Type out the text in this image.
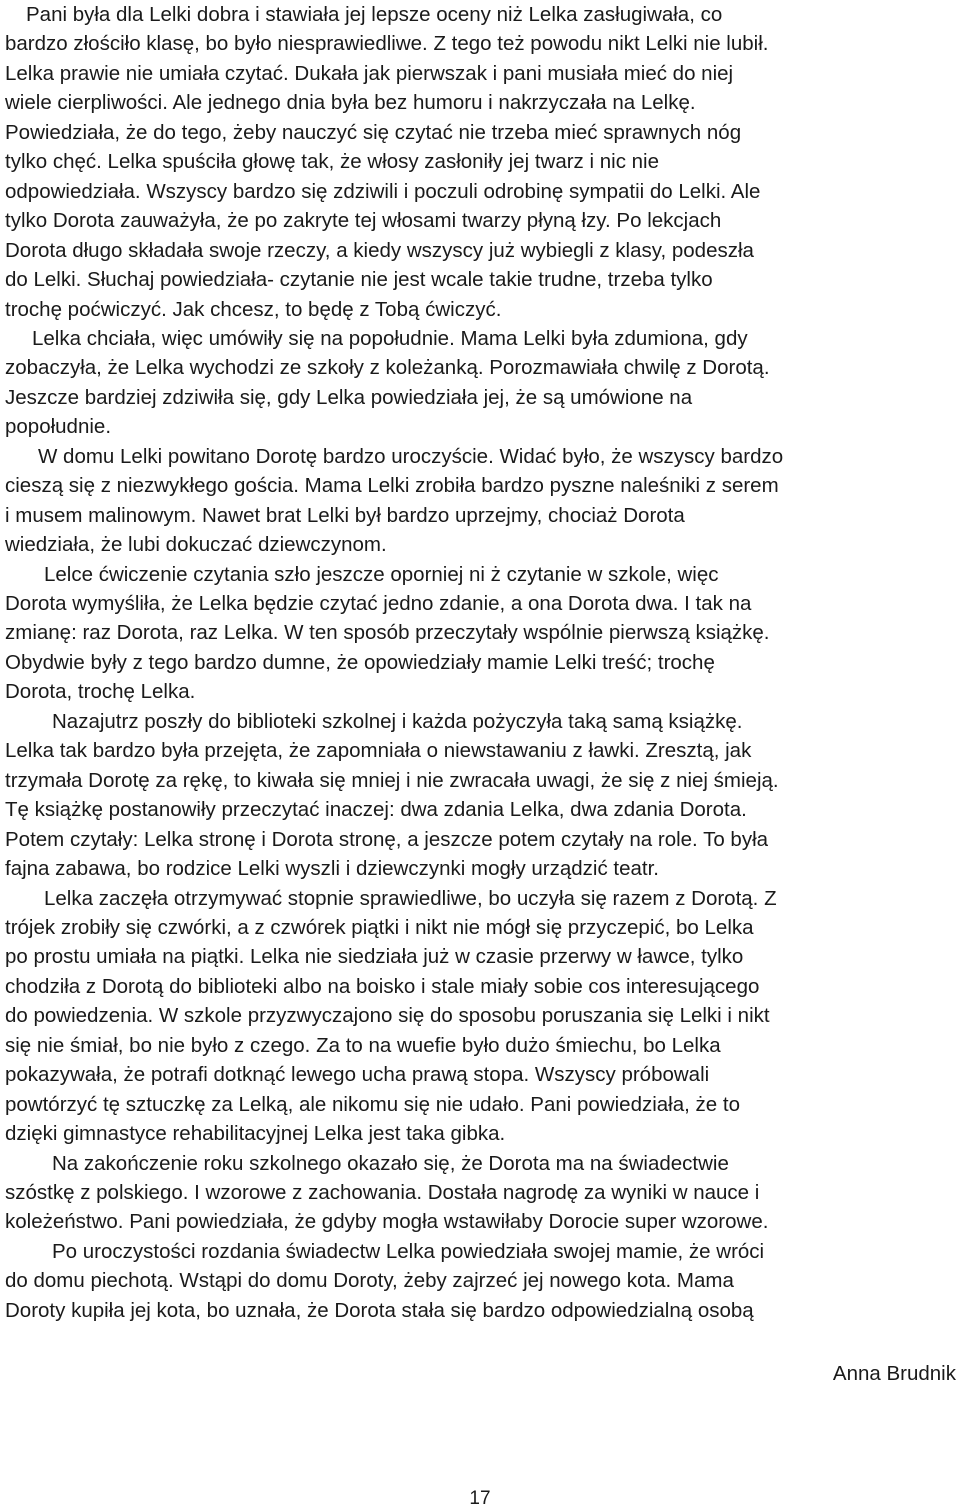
Pani była dla Lelki dobra i stawiała jej lepsze oceny niż Lelka zasługiwała, co
bardzo złościło klasę, bo było niesprawiedliwe. Z tego też powodu nikt Lelki nie lubił.
Lelka prawie nie umiała czytać. Dukała jak pierwszak i pani musiała mieć do niej
wiele cierpliwości. Ale jednego dnia była bez humoru i nakrzyczała na Lelkę.
Powiedziała, że do tego, żeby nauczyć się czytać nie trzeba mieć sprawnych nóg
tylko chęć. Lelka spuściła głowę tak, że włosy zasłoniły jej twarz i nic nie
odpowiedziała. Wszyscy bardzo się zdziwili i poczuli odrobinę sympatii do Lelki. Ale
tylko Dorota zauważyła, że po zakryte tej włosami twarzy płyną łzy. Po lekcjach
Dorota długo składała swoje rzeczy, a kiedy wszyscy już wybiegli z klasy, podeszła
do Lelki. Słuchaj powiedziała- czytanie nie jest wcale takie trudne, trzeba tylko
trochę poćwiczyć. Jak chcesz, to będę z Tobą ćwiczyć.
Lelka chciała, więc umówiły się na popołudnie. Mama Lelki była zdumiona, gdy
zobaczyła, że Lelka wychodzi ze szkoły z koleżanką. Porozmawiała chwilę z Dorotą.
Jeszcze bardziej zdziwiła się, gdy Lelka powiedziała jej, że są umówione na
popołudnie.
W domu Lelki powitano Dorotę bardzo uroczyście. Widać było, że wszyscy bardzo
cieszą się z niezwykłego gościa. Mama Lelki zrobiła bardzo pyszne naleśniki z serem
i musem malinowym. Nawet brat Lelki był bardzo uprzejmy, chociaż Dorota
wiedziała, że lubi dokuczać dziewczynom.
Lelce ćwiczenie czytania szło jeszcze oporniej ni ż czytanie w szkole, więc
Dorota wymyśliła, że Lelka będzie czytać jedno zdanie, a ona Dorota dwa. I tak na
zmianę: raz Dorota, raz Lelka. W ten sposób przeczytały wspólnie pierwszą książkę.
Obydwie były z tego bardzo dumne, że opowiedziały mamie Lelki treść; trochę
Dorota, trochę Lelka.
Nazajutrz poszły do biblioteki szkolnej i każda pożyczyła taką samą książkę.
Lelka tak bardzo była przejęta, że zapomniała o niewstawaniu z ławki. Zresztą, jak
trzymała Dorotę za rękę, to kiwała się mniej i nie zwracała uwagi, że się z niej śmieją.
Tę książkę postanowiły przeczytać inaczej: dwa zdania Lelka, dwa zdania Dorota.
Potem czytały: Lelka stronę i Dorota stronę, a jeszcze potem czytały na role. To była
fajna zabawa, bo rodzice Lelki wyszli i dziewczynki mogły urządzić teatr.
Lelka zaczęła otrzymywać stopnie sprawiedliwe, bo uczyła się razem z Dorotą. Z
trójek zrobiły się czwórki, a z czwórek piątki i nikt nie mógł się przyczepić, bo Lelka
po prostu umiała na piątki. Lelka nie siedziała już w czasie przerwy w ławce, tylko
chodziła z Dorotą do biblioteki albo na boisko i stale miały sobie cos interesującego
do powiedzenia. W szkole przyzwyczajono się do sposobu poruszania się Lelki i nikt
się nie śmiał, bo nie było z czego. Za to na wuefie było dużo śmiechu, bo Lelka
pokazywała, że potrafi dotknąć lewego ucha prawą stopa. Wszyscy próbowali
powtórzyć tę sztuczkę za Lelką, ale nikomu się nie udało. Pani powiedziała, że to
dzięki gimnastyce rehabilitacyjnej Lelka jest taka gibka.
Na zakończenie roku szkolnego okazało się, że Dorota ma na świadectwie
szóstkę z polskiego. I wzorowe z zachowania. Dostała nagrodę za wyniki w nauce i
koleżeństwo. Pani powiedziała, że gdyby mogła wstawiłaby Dorocie super wzorowe.
Po uroczystości rozdania świadectw Lelka powiedziała swojej mamie, że wróci
do domu piechotą. Wstąpi do domu Doroty, żeby zajrzeć jej nowego kota. Mama
Doroty kupiła jej kota, bo uznała, że Dorota stała się bardzo odpowiedzialną osobą
Anna Brudnik
17
